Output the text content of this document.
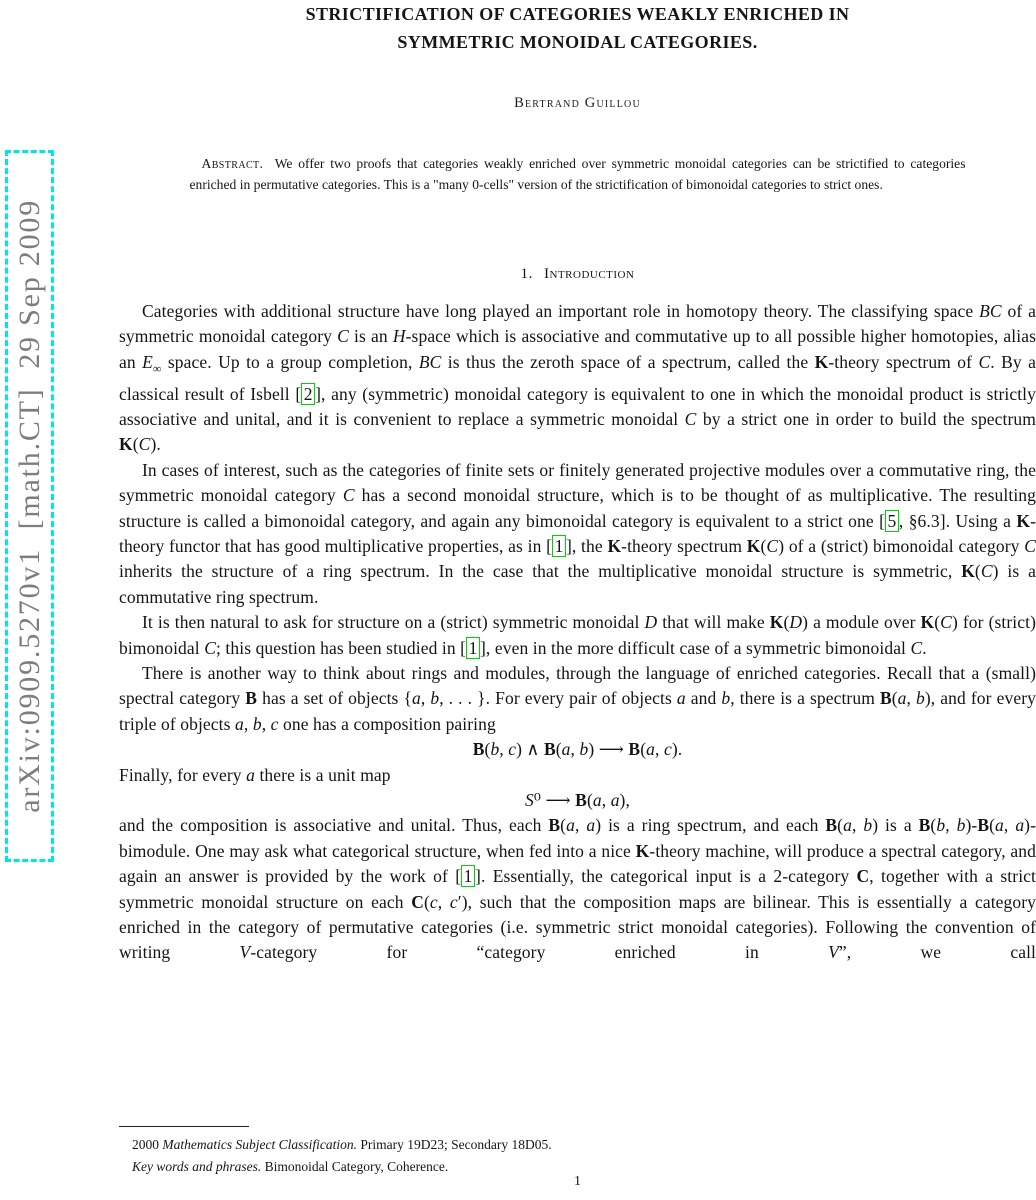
arXiv:0909.5270v1  [math.CT]  29 Sep 2009
STRICTIFICATION OF CATEGORIES WEAKLY ENRICHED IN
SYMMETRIC MONOIDAL CATEGORIES.
Bertrand Guillou

Abstract. We offer two proofs that categories weakly enriched over symmetric monoidal categories can be strictified to categories enriched in permutative categories. This is a "many 0-cells" version of the strictification of bimonoidal categories to strict ones.

1. Introduction

Categories with additional structure have long played an important role in homotopy theory. The classifying space BC of a symmetric monoidal category C is an H-space which is associative and commutative up to all possible higher homotopies, alias an $E_\infty$ space. Up to a group completion, BC is thus the zeroth space of a spectrum, called the K-theory spectrum of C. By a classical result of Isbell [ 2 ], any (symmetric) monoidal category is equivalent to one in which the monoidal product is strictly associative and unital, and it is convenient to replace a symmetric monoidal C by a strict one in order to build the spectrum K(C).

In cases of interest, such as the categories of finite sets or finitely generated projective modules over a commutative ring, the symmetric monoidal category C has a second monoidal structure, which is to be thought of as multiplicative. The resulting structure is called a bimonoidal category, and again any bimonoidal category is equivalent to a strict one [ 5 , §6.3]. Using a K-theory functor that has good multiplicative properties, as in [ 1 ], the K-theory spectrum K(C) of a (strict) bimonoidal category C inherits the structure of a ring spectrum. In the case that the multiplicative monoidal structure is symmetric, K(C) is a commutative ring spectrum.

It is then natural to ask for structure on a (strict) symmetric monoidal D that will make K(D) a module over K(C) for (strict) bimonoidal C; this question has been studied in [ 1 ], even in the more difficult case of a symmetric bimonoidal C.

There is another way to think about rings and modules, through the language of enriched categories. Recall that a (small) spectral category B has a set of objects {a, b, . . . }. For every pair of objects a and b, there is a spectrum B(a, b), and for every triple of objects a, b, c one has a composition pairing

B(b, c) ∧ B(a, b) ⟶ B(a, c).

Finally, for every a there is a unit map

S⁰ ⟶ B(a, a),

and the composition is associative and unital. Thus, each B(a, a) is a ring spectrum, and each B(a, b) is a B(b, b)-B(a, a)-bimodule. One may ask what categorical structure, when fed into a nice K-theory machine, will produce a spectral category, and again an answer is provided by the work of [ 1 ]. Essentially, the categorical input is a 2-category C, together with a strict symmetric monoidal structure on each C(c, c′), such that the composition maps are bilinear. This is essentially a category enriched in the category of permutative categories (i.e. symmetric strict monoidal categories). Following the convention of writing V-category for “category enriched in V”, we call

2000 Mathematics Subject Classification. Primary 19D23; Secondary 18D05.

Key words and phrases. Bimonoidal Category, Coherence.

1
